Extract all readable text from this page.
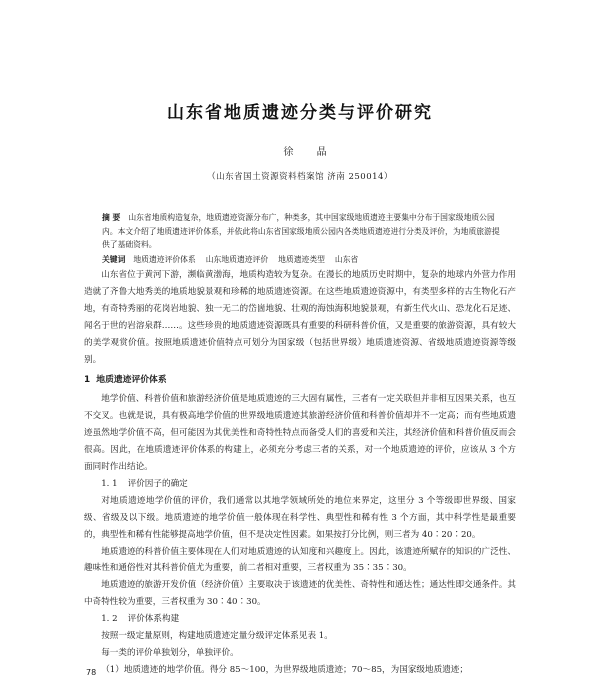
山东省地质遗迹分类与评价研究
徐 晶
（山东省国土资源资料档案馆 济南 250014）

摘 要 山东省地质构造复杂，地质遗迹资源分布广，种类多，其中国家级地质遗迹主要集中分布于国家级地质公园内。本文介绍了地质遗迹评价体系，并依此将山东省国家级地质公园内各类地质遗迹进行分类及评价，为地质旅游提供了基础资料。

关键词 地质遗迹评价体系 山东地质遗迹评价 地质遗迹类型 山东省

山东省位于黄河下游，濒临黄渤海，地质构造较为复杂。在漫长的地质历史时期中，复杂的地球内外营力作用造就了齐鲁大地秀美的地质地貌景观和珍稀的地质遗迹资源。在这些地质遗迹资源中，有类型多样的古生物化石产地，有奇特秀丽的花岗岩地貌、独一无二的岱崮地貌、壮观的海蚀海积地貌景观，有新生代火山、恐龙化石足迹、闻名于世的岩溶泉群……。这些珍贵的地质遗迹资源既具有重要的科研科普价值，又是重要的旅游资源，具有较大的美学观赏价值。按照地质遗迹价值特点可划分为国家级（包括世界级）地质遗迹资源、省级地质遗迹资源等级别。

1 地质遗迹评价体系

地学价值、科普价值和旅游经济价值是地质遗迹的三大固有属性，三者有一定关联但并非相互因果关系，也互不交叉。也就是说，具有极高地学价值的世界级地质遗迹其旅游经济价值和科普价值却并不一定高；而有些地质遗迹虽然地学价值不高，但可能因为其优美性和奇特性特点而备受人们的喜爱和关注，其经济价值和科普价值反而会很高。因此，在地质遗迹评价体系的构建上，必须充分考虑三者的关系，对一个地质遗迹的评价，应该从 3 个方面同时作出结论。

1. 1 评价因子的确定

对地质遗迹地学价值的评价，我们通常以其地学领域所处的地位来界定，这里分 3 个等级即世界级、国家级、省级及以下级。地质遗迹的地学价值一般体现在科学性、典型性和稀有性 3 个方面，其中科学性是最重要的，典型性和稀有性能够提高地学价值，但不是决定性因素。如果按打分比例，则三者为 40∶20∶20。

地质遗迹的科普价值主要体现在人们对地质遗迹的认知度和兴趣度上。因此，该遗迹所赋存的知识的广泛性、趣味性和通俗性对其科普价值尤为重要，前二者相对重要，三者权重为 35∶35∶30。

地质遗迹的旅游开发价值（经济价值）主要取决于该遗迹的优美性、奇特性和通达性；通达性即交通条件。其中奇特性较为重要，三者权重为 30∶40∶30。

1. 2 评价体系构建

按照一级定量原则，构建地质遗迹定量分级评定体系见表 1。

每一类的评价单独划分，单独评价。

（1）地质遗迹的地学价值。得分 85～100，为世界级地质遗迹；70～85，为国家级地质遗迹；

78
